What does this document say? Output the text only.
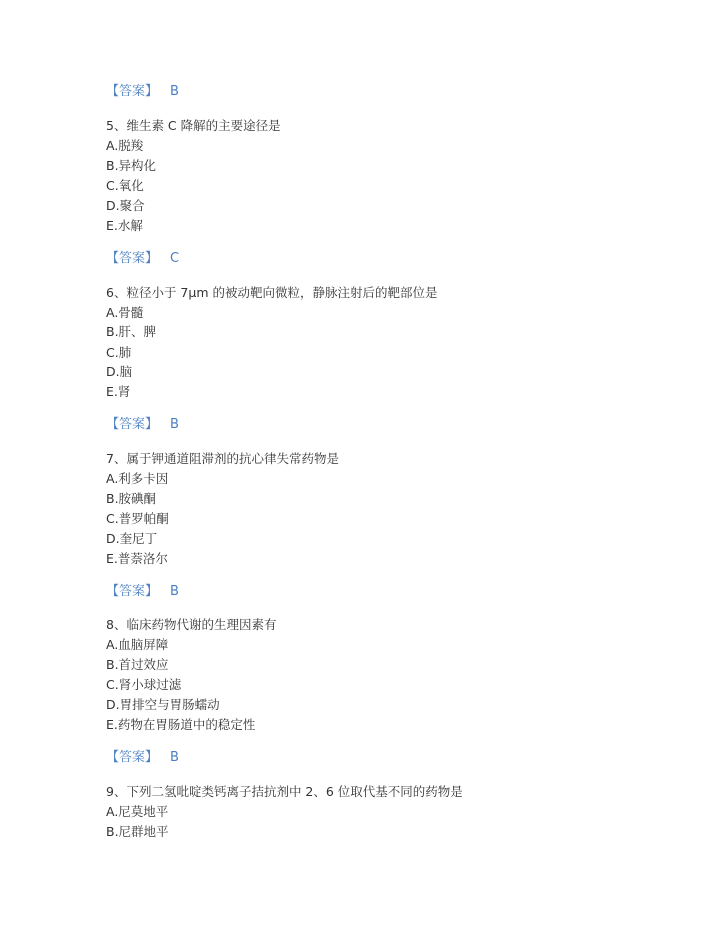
【答案】 B
5、维生素 C 降解的主要途径是
A.脱羧
B.异构化
C.氧化
D.聚合
E.水解
【答案】 C
6、粒径小于 7μm 的被动靶向微粒，静脉注射后的靶部位是
A.骨髓
B.肝、脾
C.肺
D.脑
E.肾
【答案】 B
7、属于钾通道阻滞剂的抗心律失常药物是
A.利多卡因
B.胺碘酮
C.普罗帕酮
D.奎尼丁
E.普萘洛尔
【答案】 B
8、临床药物代谢的生理因素有
A.血脑屏障
B.首过效应
C.肾小球过滤
D.胃排空与胃肠蠕动
E.药物在胃肠道中的稳定性
【答案】 B
9、下列二氢吡啶类钙离子拮抗剂中 2、6 位取代基不同的药物是
A.尼莫地平
B.尼群地平
